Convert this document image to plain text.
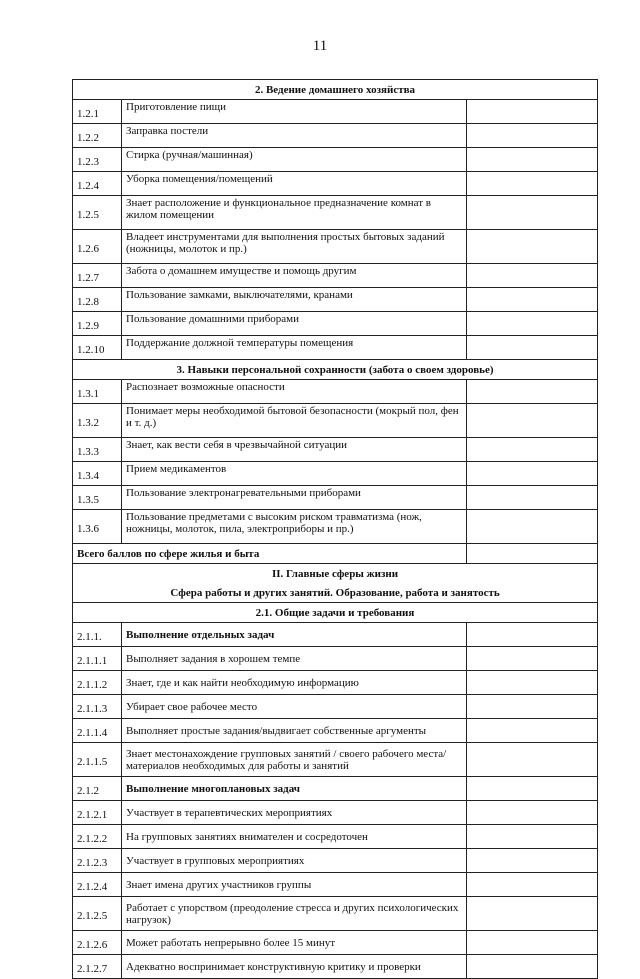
11
2. Ведение домашнего хозяйства		
1.2.1	Приготовление пищи	
1.2.2	Заправка постели	
1.2.3	Стирка (ручная/машинная)	
1.2.4	Уборка помещения/помещений	
1.2.5	Знает расположение и функциональное предназначение комнат в жилом помещении	
1.2.6	Владеет инструментами для выполнения простых бытовых заданий (ножницы, молоток и пр.)	
1.2.7	Забота о домашнем имуществе и помощь другим	
1.2.8	Пользование замками, выключателями, кранами	
1.2.9	Пользование домашними приборами	
1.2.10	Поддержание должной температуры помещения	
3. Навыки персональной сохранности (забота о своем здоровье)		
1.3.1	Распознает возможные опасности	
1.3.2	Понимает меры необходимой бытовой безопасности (мокрый пол, фен и т. д.)	
1.3.3	Знает, как вести себя в чрезвычайной ситуации	
1.3.4	Прием медикаментов	
1.3.5	Пользование электронагревательными приборами	
1.3.6	Пользование предметами с высоким риском травматизма (нож, ножницы, молоток, пила, электроприборы и пр.)	
Всего баллов по сфере жилья и быта		
II. Главные сферы жизни		
Сфера работы и других занятий. Образование, работа и занятость		
2.1. Общие задачи и требования		
2.1.1.	Выполнение отдельных задач	
2.1.1.1	Выполняет задания в хорошем темпе	
2.1.1.2	Знает, где и как найти необходимую информацию	
2.1.1.3	Убирает свое рабочее место	
2.1.1.4	Выполняет простые задания/выдвигает собственные аргументы	
2.1.1.5	Знает местонахождение групповых занятий / своего рабочего места/ материалов необходимых для работы и занятий	
2.1.2	Выполнение многоплановых задач	
2.1.2.1	Участвует в терапевтических мероприятиях	
2.1.2.2	На групповых занятиях внимателен и сосредоточен	
2.1.2.3	Участвует в групповых мероприятиях	
2.1.2.4	Знает имена других участников группы	
2.1.2.5	Работает с упорством (преодоление стресса и других психологических нагрузок)	
2.1.2.6	Может работать непрерывно более 15 минут	
2.1.2.7	Адекватно воспринимает конструктивную критику и проверки	
